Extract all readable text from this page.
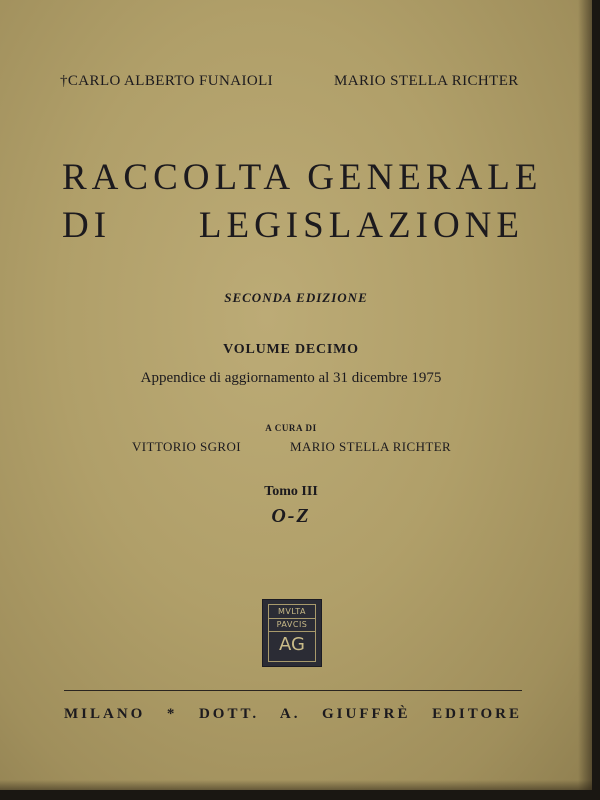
†CARLO ALBERTO FUNAIOLI	MARIO STELLA RICHTER
RACCOLTA GENERALE
DI LEGISLAZIONE
SECONDA EDIZIONE
VOLUME DECIMO
Appendice di aggiornamento al 31 dicembre 1975
A CURA DI
VITTORIO SGROI	MARIO STELLA RICHTER
Tomo III
O-Z
MVLTA
PAVCIS
AG
MILANO * DOTT. A. GIUFFRÈ EDITORE
